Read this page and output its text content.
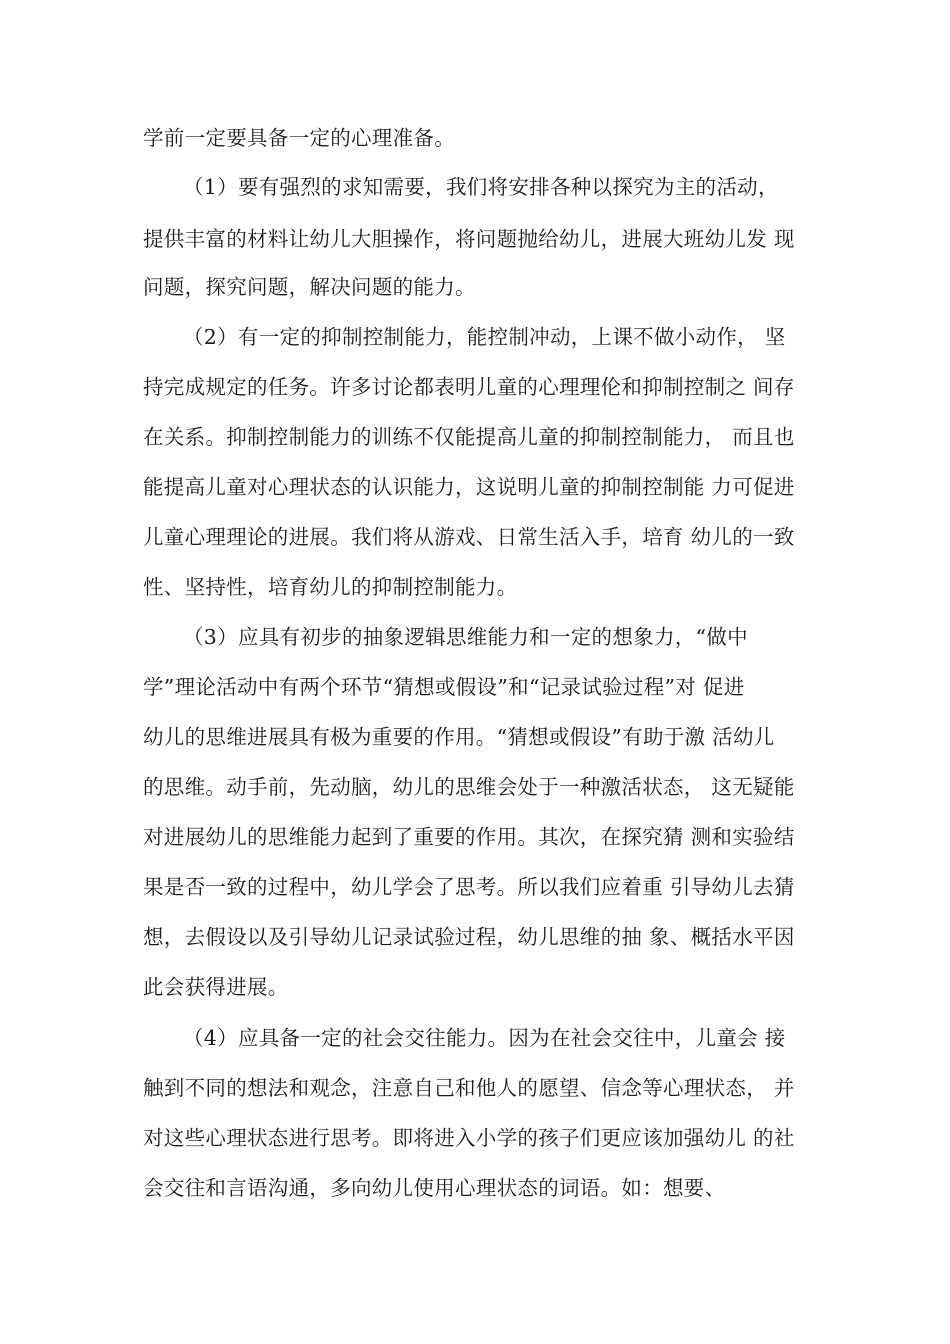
学前一定要具备一定的心理准备。
（1）要有强烈的求知需要，我们将安排各种以探究为主的活动，
提供丰富的材料让幼儿大胆操作，将问题抛给幼儿，进展大班幼儿发 现
问题，探究问题，解决问题的能力。
（2）有一定的抑制控制能力，能控制冲动，上课不做小动作， 坚
持完成规定的任务。许多讨论都表明儿童的心理理伦和抑制控制之 间存
在关系。抑制控制能力的训练不仅能提高儿童的抑制控制能力， 而且也
能提高儿童对心理状态的认识能力，这说明儿童的抑制控制能 力可促进
儿童心理理论的进展。我们将从游戏、日常生活入手，培育 幼儿的一致
性、坚持性，培育幼儿的抑制控制能力。
（3）应具有初步的抽象逻辑思维能力和一定的想象力，“做中
学”理论活动中有两个环节“猜想或假设”和“记录试验过程”对 促进
幼儿的思维进展具有极为重要的作用。“猜想或假设”有助于激 活幼儿
的思维。动手前，先动脑，幼儿的思维会处于一种激活状态， 这无疑能
对进展幼儿的思维能力起到了重要的作用。其次，在探究猜 测和实验结
果是否一致的过程中，幼儿学会了思考。所以我们应着重 引导幼儿去猜
想，去假设以及引导幼儿记录试验过程，幼儿思维的抽 象、概括水平因
此会获得进展。
（4）应具备一定的社会交往能力。因为在社会交往中，儿童会 接
触到不同的想法和观念，注意自己和他人的愿望、信念等心理状态， 并
对这些心理状态进行思考。即将进入小学的孩子们更应该加强幼儿 的社
会交往和言语沟通，多向幼儿使用心理状态的词语。如：想要、
